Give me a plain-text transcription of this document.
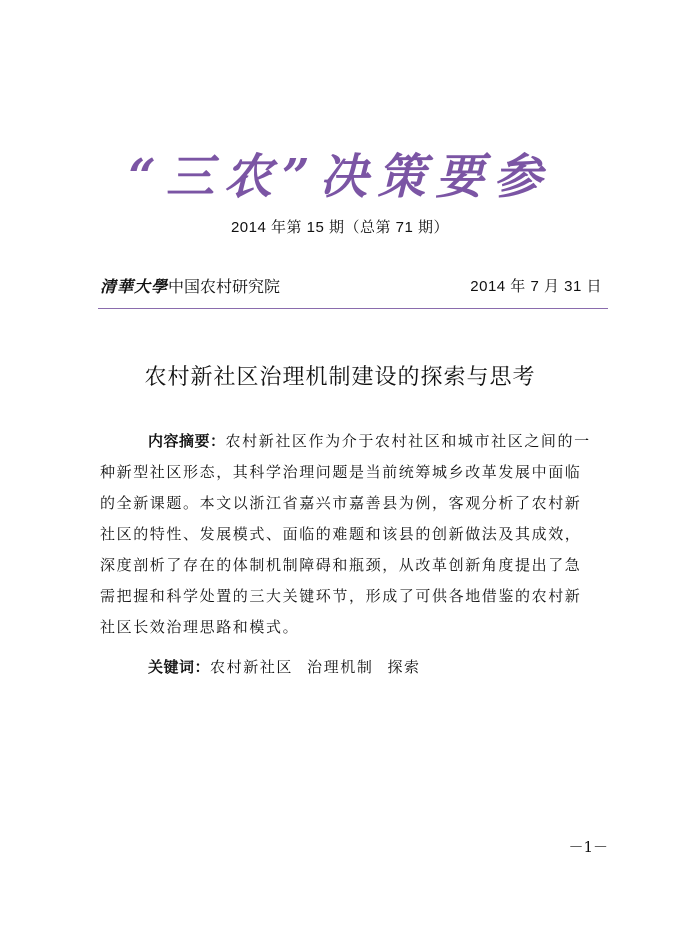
“三农”决策要参
2014 年第 15 期（总第 71 期）
清華大學中国农村研究院	2014 年 7 月 31 日
农村新社区治理机制建设的探索与思考
内容摘要：农村新社区作为介于农村社区和城市社区之间的一
种新型社区形态，其科学治理问题是当前统筹城乡改革发展中面临
的全新课题。本文以浙江省嘉兴市嘉善县为例，客观分析了农村新
社区的特性、发展模式、面临的难题和该县的创新做法及其成效，
深度剖析了存在的体制机制障碍和瓶颈，从改革创新角度提出了急
需把握和科学处置的三大关键环节，形成了可供各地借鉴的农村新
社区长效治理思路和模式。
关键词：农村新社区 治理机制 探索
－1－
